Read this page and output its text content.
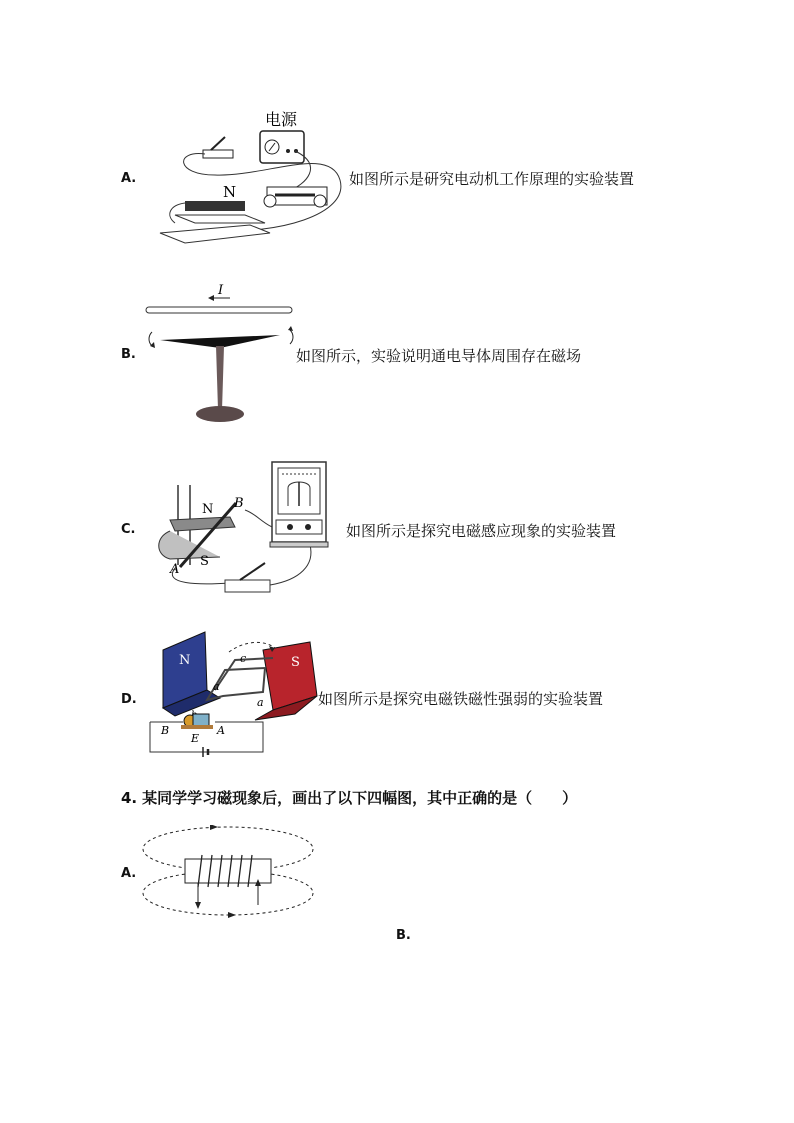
A.
电源
N
如图所示是研究电动机工作原理的实验装置
B.
I
如图所示，实验说明通电导体周围存在磁场
C.
N
S
B
A
如图所示是探究电磁感应现象的实验装置
D.
N	S
c
a
a
B	A
E
如图所示是探究电磁铁磁性强弱的实验装置
4. 某同学学习磁现象后，画出了以下四幅图，其中正确的是（　　）
A.
B.
